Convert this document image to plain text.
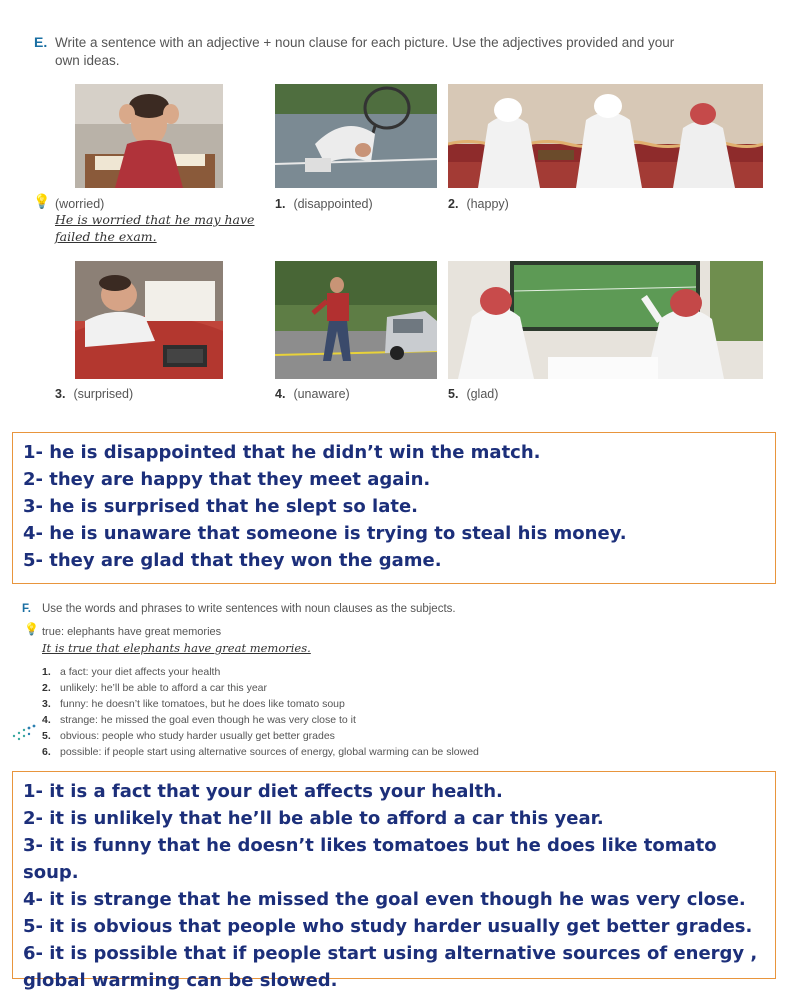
E. Write a sentence with an adjective + noun clause for each picture. Use the adjectives provided and your own ideas.
💡 (worried)
He is worried that he may have failed the exam.
1. (disappointed)	2. (happy)
3. (surprised)	4. (unaware)	5. (glad)
1- he is disappointed that he didn’t win the match.
2- they are happy that they meet again.
3- he is surprised that he slept so late.
4- he is unaware that someone is trying to steal his money.
5- they are glad that they won the game.
F. Use the words and phrases to write sentences with noun clauses as the subjects.
💡 true: elephants have great memories
It is true that elephants have great memories.
1. a fact: your diet affects your health
2. unlikely: he’ll be able to afford a car this year
3. funny: he doesn’t like tomatoes, but he does like tomato soup
4. strange: he missed the goal even though he was very close to it
5. obvious: people who study harder usually get better grades
6. possible: if people start using alternative sources of energy, global warming can be slowed
1- it is a fact that your diet affects your health.
2- it is unlikely that he’ll be able to afford a car this year.
3- it is funny that he doesn’t likes tomatoes but he does like tomato soup.
4- it is strange that he missed the goal even though he was very close.
5- it is obvious that people who study harder usually get better grades.
6- it is possible that if people start using alternative sources of energy , global warming can be slowed.
